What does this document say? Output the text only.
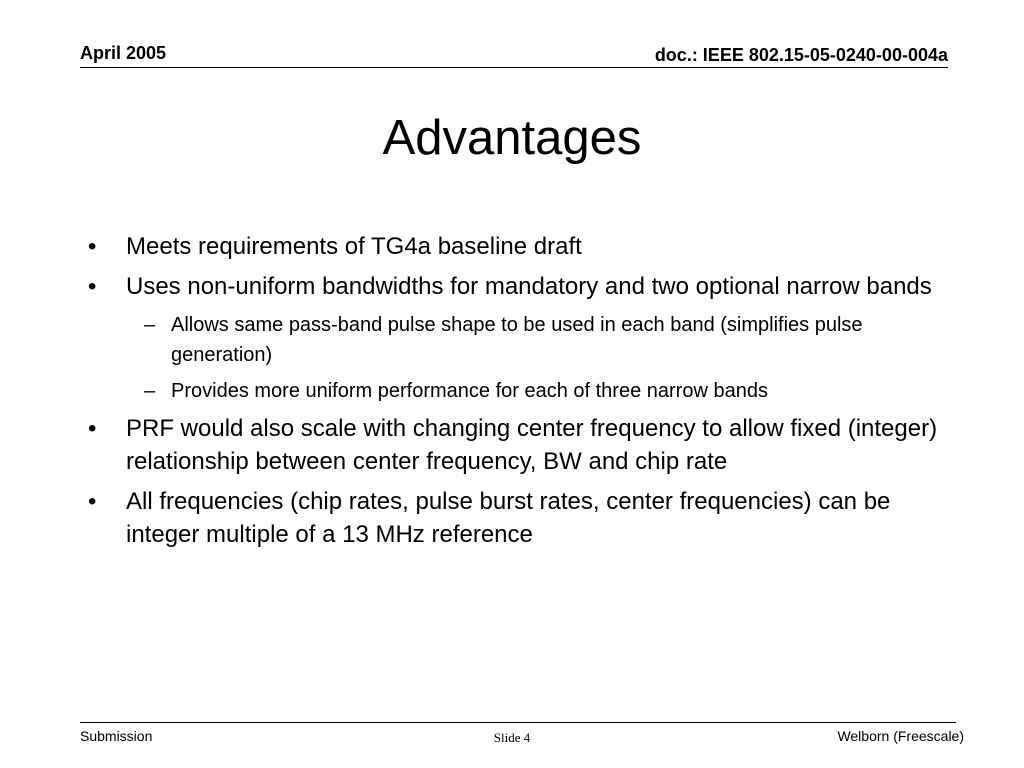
April 2005	doc.: IEEE 802.15-05-0240-00-004a
Advantages
• Meets requirements of TG4a baseline draft
• Uses non-uniform bandwidths for mandatory and two optional narrow bands
– Allows same pass-band pulse shape to be used in each band (simplifies pulse generation)
– Provides more uniform performance for each of three narrow bands
• PRF would also scale with changing center frequency to allow fixed (integer) relationship between center frequency, BW and chip rate
• All frequencies (chip rates, pulse burst rates, center frequencies) can be integer multiple of a 13 MHz reference
Submission	Slide 4	Welborn (Freescale)
